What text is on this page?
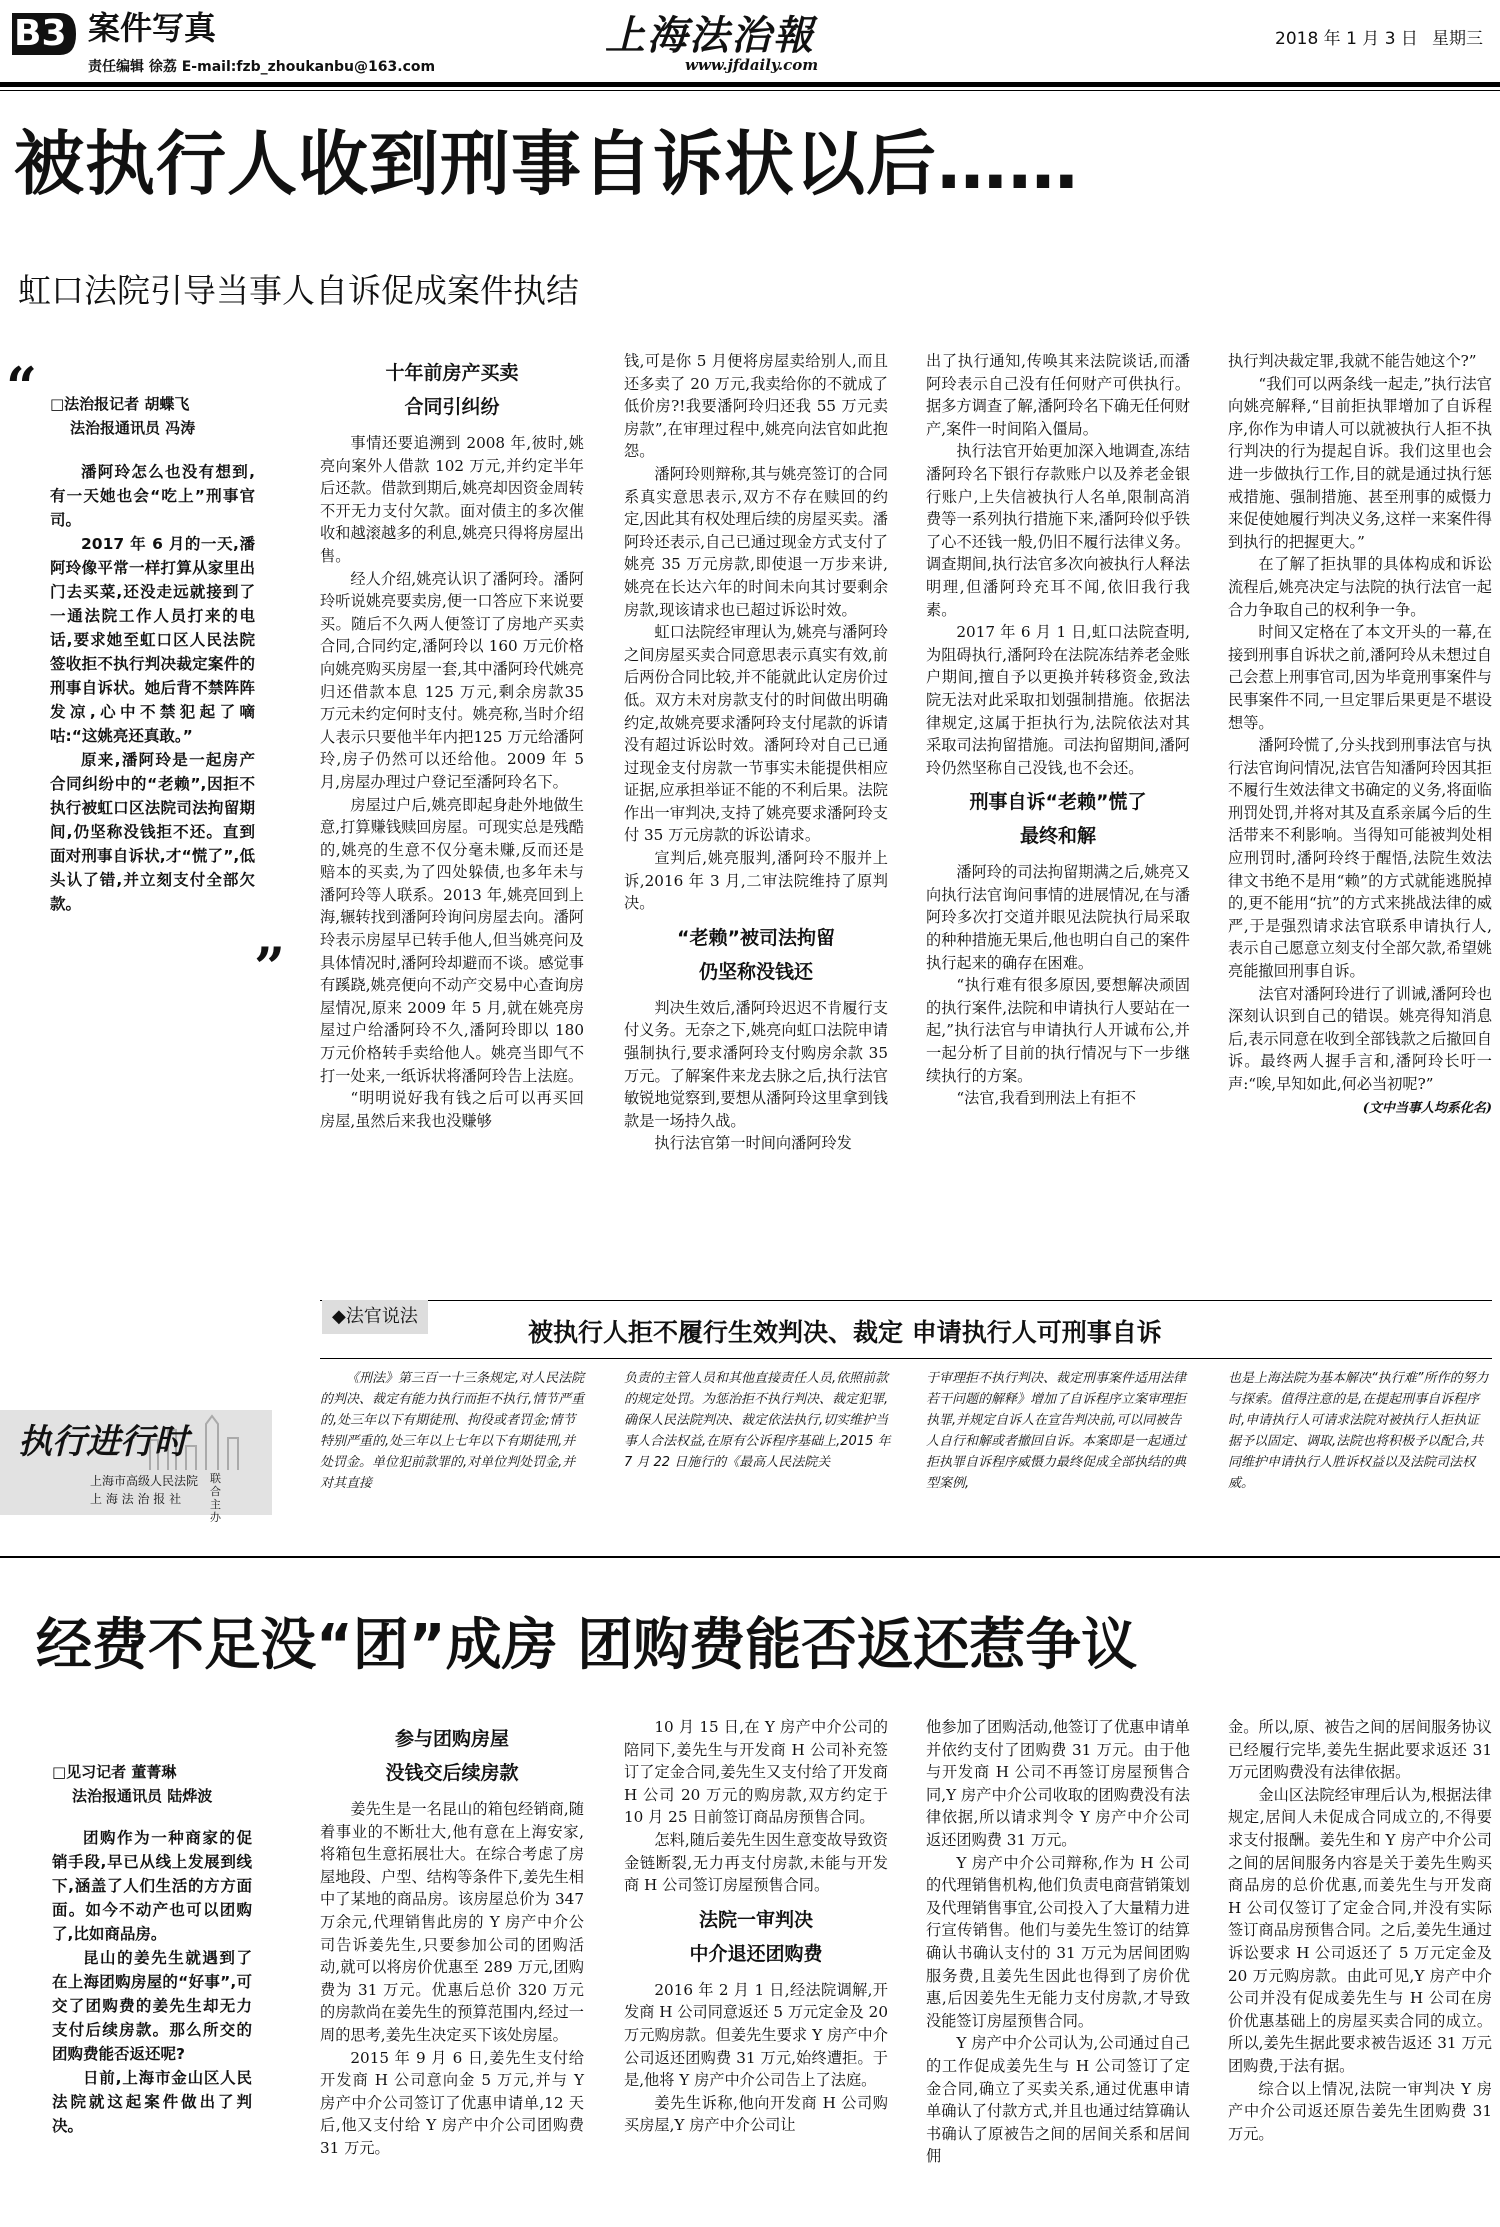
B3 案件写真
责任编辑 徐荔 E-mail:fzb_zhoukanbu@163.com
上海法治報
www.jfdaily.com
2018 年 1 月 3 日 星期三
被执行人收到刑事自诉状以后……
虹口法院引导当事人自诉促成案件执结
“ □法治报记者 胡蝶飞
法治报通讯员 冯涛

潘阿玲怎么也没有想到,有一天她也会“吃上”刑事官司。

2017 年 6 月的一天,潘阿玲像平常一样打算从家里出门去买菜,还没走远就接到了一通法院工作人员打来的电话,要求她至虹口区人民法院签收拒不执行判决裁定案件的刑事自诉状。她后背不禁阵阵发凉,心中不禁犯起了嘀咕:“这姚亮还真敢。”

原来,潘阿玲是一起房产合同纠纷中的“老赖”,因拒不执行被虹口区法院司法拘留期间,仍坚称没钱拒不还。直到面对刑事自诉状,才“慌了”,低头认了错,并立刻支付全部欠款。

”
十年前房产买卖
合同引纠纷

事情还要追溯到 2008 年,彼时,姚亮向案外人借款 102 万元,并约定半年后还款。借款到期后,姚亮却因资金周转不开无力支付欠款。面对债主的多次催收和越滚越多的利息,姚亮只得将房屋出售。

经人介绍,姚亮认识了潘阿玲。潘阿玲听说姚亮要卖房,便一口答应下来说要买。随后不久两人便签订了房地产买卖合同,合同约定,潘阿玲以 160 万元价格向姚亮购买房屋一套,其中潘阿玲代姚亮归还借款本息 125 万元,剩余房款35 万元未约定何时支付。姚亮称,当时介绍人表示只要他半年内把125 万元给潘阿玲,房子仍然可以还给他。2009 年 5 月,房屋办理过户登记至潘阿玲名下。

房屋过户后,姚亮即起身赴外地做生意,打算赚钱赎回房屋。可现实总是残酷的,姚亮的生意不仅分毫未赚,反而还是赔本的买卖,为了四处躲债,也多年未与潘阿玲等人联系。2013 年,姚亮回到上海,辗转找到潘阿玲询问房屋去向。潘阿玲表示房屋早已转手他人,但当姚亮问及具体情况时,潘阿玲却避而不谈。感觉事有蹊跷,姚亮便向不动产交易中心查询房屋情况,原来 2009 年 5 月,就在姚亮房屋过户给潘阿玲不久,潘阿玲即以 180 万元价格转手卖给他人。姚亮当即气不打一处来,一纸诉状将潘阿玲告上法庭。

“明明说好我有钱之后可以再买回房屋,虽然后来我也没赚够

钱,可是你 5 月便将房屋卖给别人,而且还多卖了 20 万元,我卖给你的不就成了低价房?!我要潘阿玲归还我 55 万元卖房款”,在审理过程中,姚亮向法官如此抱怨。

潘阿玲则辩称,其与姚亮签订的合同系真实意思表示,双方不存在赎回的约定,因此其有权处理后续的房屋买卖。潘阿玲还表示,自己已通过现金方式支付了姚亮 35 万元房款,即使退一万步来讲,姚亮在长达六年的时间未向其讨要剩余房款,现该请求也已超过诉讼时效。

虹口法院经审理认为,姚亮与潘阿玲之间房屋买卖合同意思表示真实有效,前后两份合同比较,并不能就此认定房价过低。双方未对房款支付的时间做出明确约定,故姚亮要求潘阿玲支付尾款的诉请没有超过诉讼时效。潘阿玲对自己已通过现金支付房款一节事实未能提供相应证据,应承担举证不能的不利后果。法院作出一审判决,支持了姚亮要求潘阿玲支付 35 万元房款的诉讼请求。

宣判后,姚亮服判,潘阿玲不服并上诉,2016 年 3 月,二审法院维持了原判决。

“老赖”被司法拘留
仍坚称没钱还

判决生效后,潘阿玲迟迟不肯履行支付义务。无奈之下,姚亮向虹口法院申请强制执行,要求潘阿玲支付购房余款 35 万元。了解案件来龙去脉之后,执行法官敏锐地觉察到,要想从潘阿玲这里拿到钱款是一场持久战。

执行法官第一时间向潘阿玲发

出了执行通知,传唤其来法院谈话,而潘阿玲表示自己没有任何财产可供执行。据多方调查了解,潘阿玲名下确无任何财产,案件一时间陷入僵局。

执行法官开始更加深入地调查,冻结潘阿玲名下银行存款账户以及养老金银行账户,上失信被执行人名单,限制高消费等一系列执行措施下来,潘阿玲似乎铁了心不还钱一般,仍旧不履行法律义务。调查期间,执行法官多次向被执行人释法明理,但潘阿玲充耳不闻,依旧我行我素。

2017 年 6 月 1 日,虹口法院查明,为阻碍执行,潘阿玲在法院冻结养老金账户期间,擅自予以更换并转移资金,致法院无法对此采取扣划强制措施。依据法律规定,这属于拒执行为,法院依法对其采取司法拘留措施。司法拘留期间,潘阿玲仍然坚称自己没钱,也不会还。

刑事自诉“老赖”慌了
最终和解

潘阿玲的司法拘留期满之后,姚亮又向执行法官询问事情的进展情况,在与潘阿玲多次打交道并眼见法院执行局采取的种种措施无果后,他也明白自己的案件执行起来的确存在困难。

“执行难有很多原因,要想解决顽固的执行案件,法院和申请执行人要站在一起,”执行法官与申请执行人开诚布公,并一起分析了目前的执行情况与下一步继续执行的方案。

“法官,我看到刑法上有拒不

执行判决裁定罪,我就不能告她这个?”

“我们可以两条线一起走,”执行法官向姚亮解释,“目前拒执罪增加了自诉程序,你作为申请人可以就被执行人拒不执行判决的行为提起自诉。我们这里也会进一步做执行工作,目的就是通过执行惩戒措施、强制措施、甚至刑事的威慑力来促使她履行判决义务,这样一来案件得到执行的把握更大。”

在了解了拒执罪的具体构成和诉讼流程后,姚亮决定与法院的执行法官一起合力争取自己的权利争一争。

时间又定格在了本文开头的一幕,在接到刑事自诉状之前,潘阿玲从未想过自己会惹上刑事官司,因为毕竟刑事案件与民事案件不同,一旦定罪后果更是不堪设想等。

潘阿玲慌了,分头找到刑事法官与执行法官询问情况,法官告知潘阿玲因其拒不履行生效法律文书确定的义务,将面临刑罚处罚,并将对其及直系亲属今后的生活带来不利影响。当得知可能被判处相应刑罚时,潘阿玲终于醒悟,法院生效法律文书绝不是用“赖”的方式就能逃脱掉的,更不能用“抗”的方式来挑战法律的威严,于是强烈请求法官联系申请执行人,表示自己愿意立刻支付全部欠款,希望姚亮能撤回刑事自诉。

法官对潘阿玲进行了训诫,潘阿玲也深刻认识到自己的错误。姚亮得知消息后,表示同意在收到全部钱款之后撤回自诉。最终两人握手言和,潘阿玲长吁一声:“唉,早知如此,何必当初呢?”

(文中当事人均系化名)
◆法官说法
被执行人拒不履行生效判决、裁定 申请执行人可刑事自诉
执行进行时
上海市高级人民法院
上 海 法 治 报 社
联合主办

《刑法》第三百一十三条规定,对人民法院的判决、裁定有能力执行而拒不执行,情节严重的,处三年以下有期徒刑、拘役或者罚金;情节特别严重的,处三年以上七年以下有期徒刑,并处罚金。单位犯前款罪的,对单位判处罚金,并对其直接

负责的主管人员和其他直接责任人员,依照前款的规定处罚。为惩治拒不执行判决、裁定犯罪,确保人民法院判决、裁定依法执行,切实维护当事人合法权益,在原有公诉程序基础上,2015 年 7 月 22 日施行的《最高人民法院关

于审理拒不执行判决、裁定刑事案件适用法律若干问题的解释》增加了自诉程序立案审理拒执罪,并规定自诉人在宣告判决前,可以同被告人自行和解或者撤回自诉。本案即是一起通过拒执罪自诉程序威慑力最终促成全部执结的典型案例,

也是上海法院为基本解决“执行难”所作的努力与探索。值得注意的是,在提起刑事自诉程序时,申请执行人可请求法院对被执行人拒执证据予以固定、调取,法院也将积极予以配合,共同维护申请执行人胜诉权益以及法院司法权威。

经费不足没“团”成房 团购费能否返还惹争议
□见习记者 董菁琳
法治报通讯员 陆烨波

团购作为一种商家的促销手段,早已从线上发展到线下,涵盖了人们生活的方方面面。如今不动产也可以团购了,比如商品房。

昆山的姜先生就遇到了在上海团购房屋的“好事”,可交了团购费的姜先生却无力支付后续房款。那么所交的团购费能否返还呢?

日前,上海市金山区人民法院就这起案件做出了判决。

参与团购房屋
没钱交后续房款

姜先生是一名昆山的箱包经销商,随着事业的不断壮大,他有意在上海安家,将箱包生意拓展壮大。在综合考虑了房屋地段、户型、结构等条件下,姜先生相中了某地的商品房。该房屋总价为 347 万余元,代理销售此房的 Y 房产中介公司告诉姜先生,只要参加公司的团购活动,就可以将房价优惠至 289 万元,团购费为 31 万元。优惠后总价 320 万元的房款尚在姜先生的预算范围内,经过一周的思考,姜先生决定买下该处房屋。

2015 年 9 月 6 日,姜先生支付给开发商 H 公司意向金 5 万元,并与 Y 房产中介公司签订了优惠申请单,12 天后,他又支付给 Y 房产中介公司团购费 31 万元。

10 月 15 日,在 Y 房产中介公司的陪同下,姜先生与开发商 H 公司补充签订了定金合同,姜先生又支付给了开发商 H 公司 20 万元的购房款,双方约定于 10 月 25 日前签订商品房预售合同。

怎料,随后姜先生因生意变故导致资金链断裂,无力再支付房款,未能与开发商 H 公司签订房屋预售合同。

法院一审判决
中介退还团购费

2016 年 2 月 1 日,经法院调解,开发商 H 公司同意返还 5 万元定金及 20 万元购房款。但姜先生要求 Y 房产中介公司返还团购费 31 万元,始终遭拒。于是,他将 Y 房产中介公司告上了法庭。

姜先生诉称,他向开发商 H 公司购买房屋,Y 房产中介公司让

他参加了团购活动,他签订了优惠申请单并依约支付了团购费 31 万元。由于他与开发商 H 公司不再签订房屋预售合同,Y 房产中介公司收取的团购费没有法律依据,所以请求判令 Y 房产中介公司返还团购费 31 万元。

Y 房产中介公司辩称,作为 H 公司的代理销售机构,他们负责电商营销策划及代理销售事宜,公司投入了大量精力进行宣传销售。他们与姜先生签订的结算确认书确认支付的 31 万元为居间团购服务费,且姜先生因此也得到了房价优惠,后因姜先生无能力支付房款,才导致没能签订房屋预售合同。

Y 房产中介公司认为,公司通过自己的工作促成姜先生与 H 公司签订了定金合同,确立了买卖关系,通过优惠申请单确认了付款方式,并且也通过结算确认书确认了原被告之间的居间关系和居间佣

金。所以,原、被告之间的居间服务协议已经履行完毕,姜先生据此要求返还 31 万元团购费没有法律依据。

金山区法院经审理后认为,根据法律规定,居间人未促成合同成立的,不得要求支付报酬。姜先生和 Y 房产中介公司之间的居间服务内容是关于姜先生购买商品房的总价优惠,而姜先生与开发商 H 公司仅签订了定金合同,并没有实际签订商品房预售合同。之后,姜先生通过诉讼要求 H 公司返还了 5 万元定金及 20 万元购房款。由此可见,Y 房产中介公司并没有促成姜先生与 H 公司在房价优惠基础上的房屋买卖合同的成立。所以,姜先生据此要求被告返还 31 万元团购费,于法有据。

综合以上情况,法院一审判决 Y 房产中介公司返还原告姜先生团购费 31 万元。
